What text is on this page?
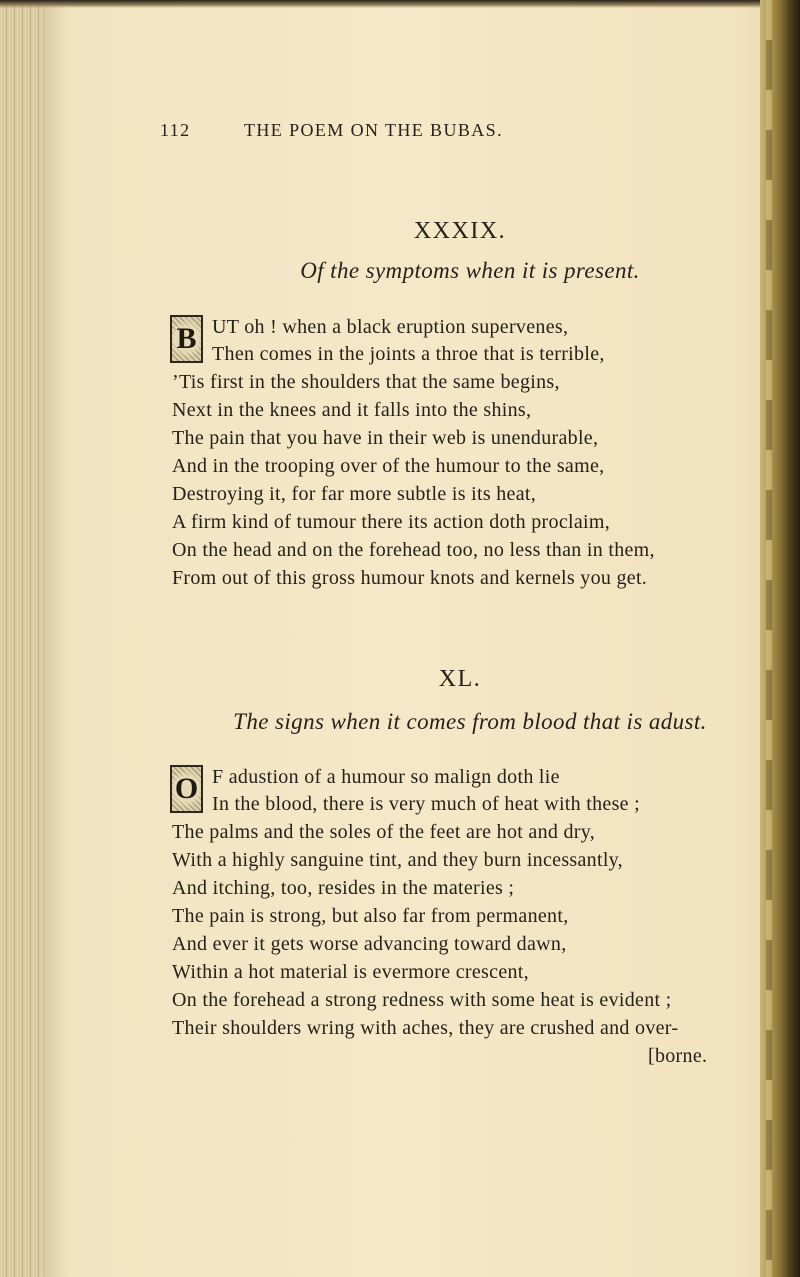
112	THE POEM ON THE BUBAS.
XXXIX.
Of the symptoms when it is present.
B UT oh ! when a black eruption supervenes,
Then comes in the joints a throe that is terrible,
’Tis first in the shoulders that the same begins,
Next in the knees and it falls into the shins,
The pain that you have in their web is unendurable,
And in the trooping over of the humour to the same,
Destroying it, for far more subtle is its heat,
A firm kind of tumour there its action doth proclaim,
On the head and on the forehead too, no less than in them,
From out of this gross humour knots and kernels you get.
XL.
The signs when it comes from blood that is adust.
O F adustion of a humour so malign doth lie
In the blood, there is very much of heat with these ;
The palms and the soles of the feet are hot and dry,
With a highly sanguine tint, and they burn incessantly,
And itching, too, resides in the materies ;
The pain is strong, but also far from permanent,
And ever it gets worse advancing toward dawn,
Within a hot material is evermore crescent,
On the forehead a strong redness with some heat is evident ;
Their shoulders wring with aches, they are crushed and over-
[borne.
